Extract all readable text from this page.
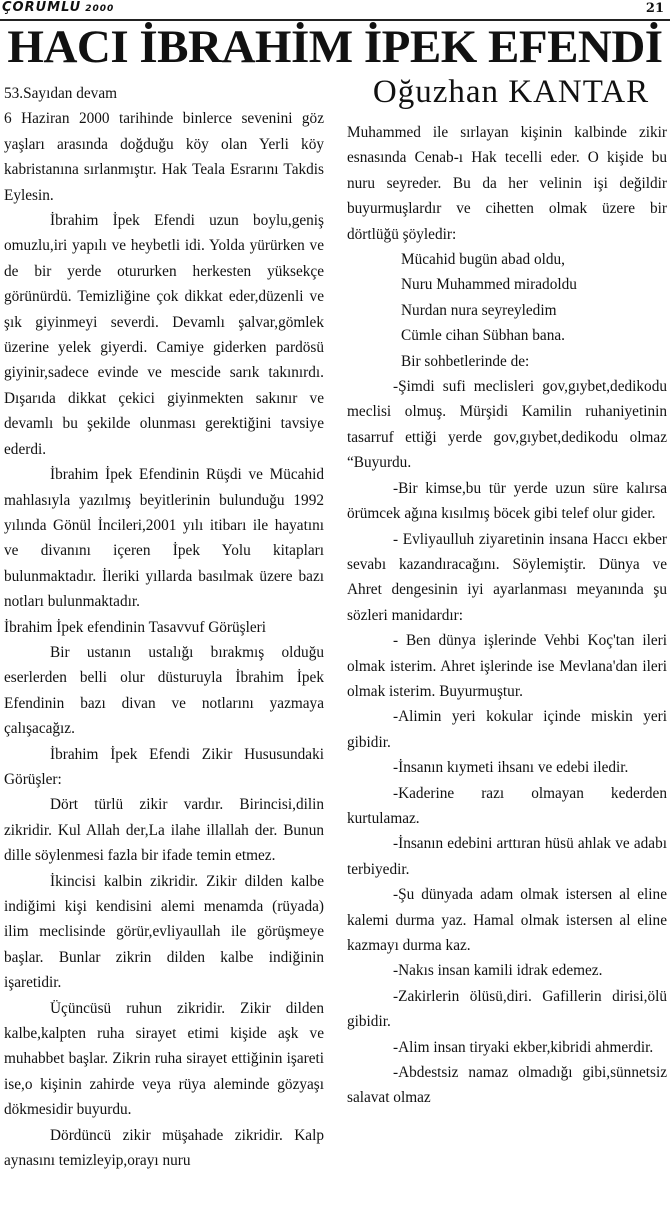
ÇORUMLU 2000	21
HACI İBRAHİM İPEK EFENDİ
Oğuzhan KANTAR

53.Sayıdan devam

6 Haziran 2000 tarihinde binlerce sevenini göz yaşları arasında doğduğu köy olan Yerli köy kabristanına sırlanmıştır. Hak Teala Esrarını Takdis Eylesin.

İbrahim İpek Efendi uzun boylu,geniş omuzlu,iri yapılı ve heybetli idi. Yolda yürürken ve de bir yerde otururken herkesten yüksekçe görünürdü. Temizliğine çok dikkat eder,düzenli ve şık giyinmeyi severdi. Devamlı şalvar,gömlek üzerine yelek giyerdi. Camiye giderken pardösü giyinir,sadece evinde ve mescide sarık takınırdı. Dışarıda dikkat çekici giyinmekten sakınır ve devamlı bu şekilde olunması gerektiğini tavsiye ederdi.

İbrahim İpek Efendinin Rüşdi ve Mücahid mahlasıyla yazılmış beyitlerinin bulunduğu 1992 yılında Gönül İncileri,2001 yılı itibarı ile hayatını ve divanını içeren İpek Yolu kitapları bulunmaktadır. İleriki yıllarda basılmak üzere bazı notları bulunmaktadır.

İbrahim İpek efendinin Tasavvuf Görüşleri

Bir ustanın ustalığı bırakmış olduğu eserlerden belli olur düsturuyla İbrahim İpek Efendinin bazı divan ve notlarını yazmaya çalışacağız.

İbrahim İpek Efendi Zikir Hususundaki Görüşler:

Dört türlü zikir vardır. Birincisi,dilin zikridir. Kul Allah der,La ilahe illallah der. Bunun dille söylenmesi fazla bir ifade temin etmez.

İkincisi kalbin zikridir. Zikir dilden kalbe indiğimi kişi kendisini alemi menamda (rüyada) ilim meclisinde görür,evliyaullah ile görüşmeye başlar. Bunlar zikrin dilden kalbe indiğinin işaretidir.

Üçüncüsü ruhun zikridir. Zikir dilden kalbe,kalpten ruha sirayet etimi kişide aşk ve muhabbet başlar. Zikrin ruha sirayet ettiğinin işareti ise,o kişinin zahirde veya rüya aleminde gözyaşı dökmesidir buyurdu.

Dördüncü zikir müşahade zikridir. Kalp aynasını temizleyip,orayı nuru

Muhammed ile sırlayan kişinin kalbinde zikir esnasında Cenab-ı Hak tecelli eder. O kişide bu nuru seyreder. Bu da her velinin işi değildir buyurmuşlardır ve cihetten olmak üzere bir dörtlüğü şöyledir:

Mücahid bugün abad oldu,

Nuru Muhammed miradoldu

Nurdan nura seyreyledim

Cümle cihan Sübhan bana.

Bir sohbetlerinde de:

-Şimdi sufi meclisleri gov,gıybet,dedikodu meclisi olmuş. Mürşidi Kamilin ruhaniyetinin tasarruf ettiği yerde gov,gıybet,dedikodu olmaz “Buyurdu.

-Bir kimse,bu tür yerde uzun süre kalırsa örümcek ağına kısılmış böcek gibi telef olur gider.

- Evliyaulluh ziyaretinin insana Haccı ekber sevabı kazandıracağını. Söylemiştir. Dünya ve Ahret dengesinin iyi ayarlanması meyanında şu sözleri manidardır:

- Ben dünya işlerinde Vehbi Koç'tan ileri olmak isterim. Ahret işlerinde ise Mevlana'dan ileri olmak isterim. Buyurmuştur.

-Alimin yeri kokular içinde miskin yeri gibidir.

-İnsanın kıymeti ihsanı ve edebi iledir.

-Kaderine razı olmayan kederden kurtulamaz.

-İnsanın edebini arttıran hüsü ahlak ve adabı terbiyedir.

-Şu dünyada adam olmak istersen al eline kalemi durma yaz. Hamal olmak istersen al eline kazmayı durma kaz.

-Nakıs insan kamili idrak edemez.

-Zakirlerin ölüsü,diri. Gafillerin dirisi,ölü gibidir.

-Alim insan tiryaki ekber,kibridi ahmerdir.

-Abdestsiz namaz olmadığı gibi,sünnetsiz salavat olmaz
